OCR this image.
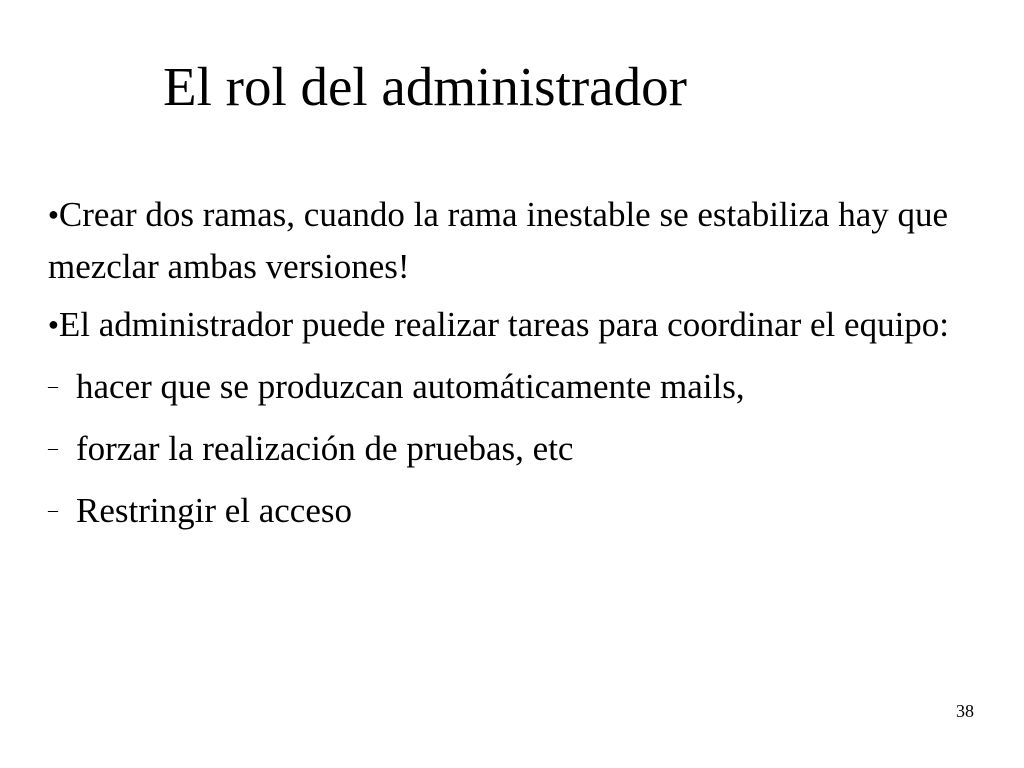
El rol del administrador
●Crear dos ramas, cuando la rama inestable se estabiliza hay que mezclar ambas versiones!
●El administrador puede realizar tareas para coordinar el equipo:
– hacer que se produzcan automáticamente mails,
– forzar la realización de pruebas, etc
– Restringir el acceso
38
